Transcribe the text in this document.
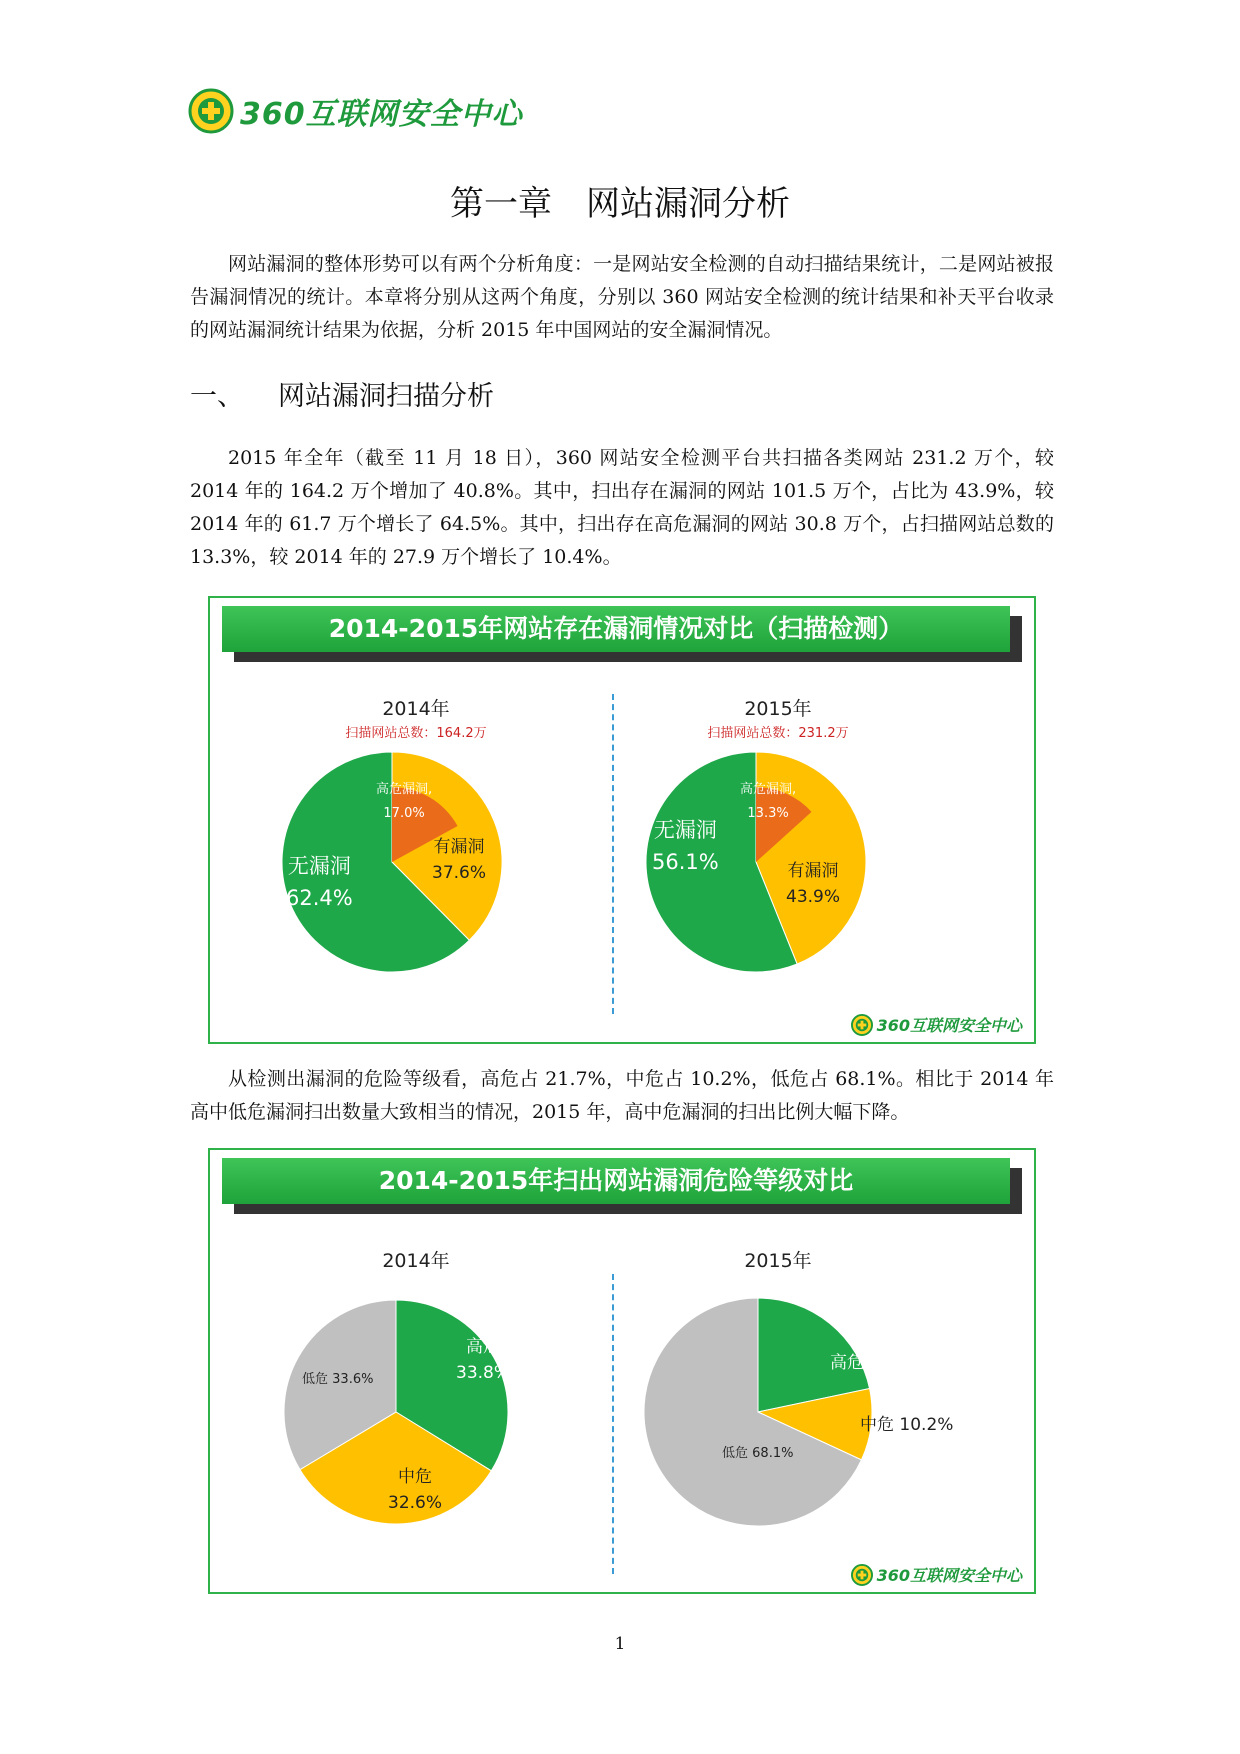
360互联网安全中心
第一章　网站漏洞分析

网站漏洞的整体形势可以有两个分析角度：一是网站安全检测的自动扫描结果统计，二是网站被报告漏洞情况的统计。本章将分别从这两个角度，分别以 360 网站安全检测的统计结果和补天平台收录的网站漏洞统计结果为依据，分析 2015 年中国网站的安全漏洞情况。

一、	网站漏洞扫描分析

2015 年全年（截至 11 月 18 日），360 网站安全检测平台共扫描各类网站 231.2 万个，较 2014 年的 164.2 万个增加了 40.8%。其中，扫出存在漏洞的网站 101.5 万个，占比为 43.9%，较 2014 年的 61.7 万个增长了 64.5%。其中，扫出存在高危漏洞的网站 30.8 万个，占扫描网站总数的 13.3%，较 2014 年的 27.9 万个增长了 10.4%。

2014-2015年网站存在漏洞情况对比（扫描检测）
2014年
扫描网站总数：164.2万
2015年
扫描网站总数：231.2万
高危漏洞,
17.0%
有漏洞
37.6%
无漏洞
62.4%
高危漏洞,
13.3%
有漏洞
43.9%
无漏洞
56.1%
360互联网安全中心

从检测出漏洞的危险等级看，高危占 21.7%，中危占 10.2%，低危占 68.1%。相比于 2014 年高中低危漏洞扫出数量大致相当的情况，2015 年，高中危漏洞的扫出比例大幅下降。

2014-2015年扫出网站漏洞危险等级对比
2014年	2015年
高危
33.8%
中危
32.6%
低危 33.6%
高危 21.7%
中危 10.2%
低危 68.1%
360互联网安全中心
1
